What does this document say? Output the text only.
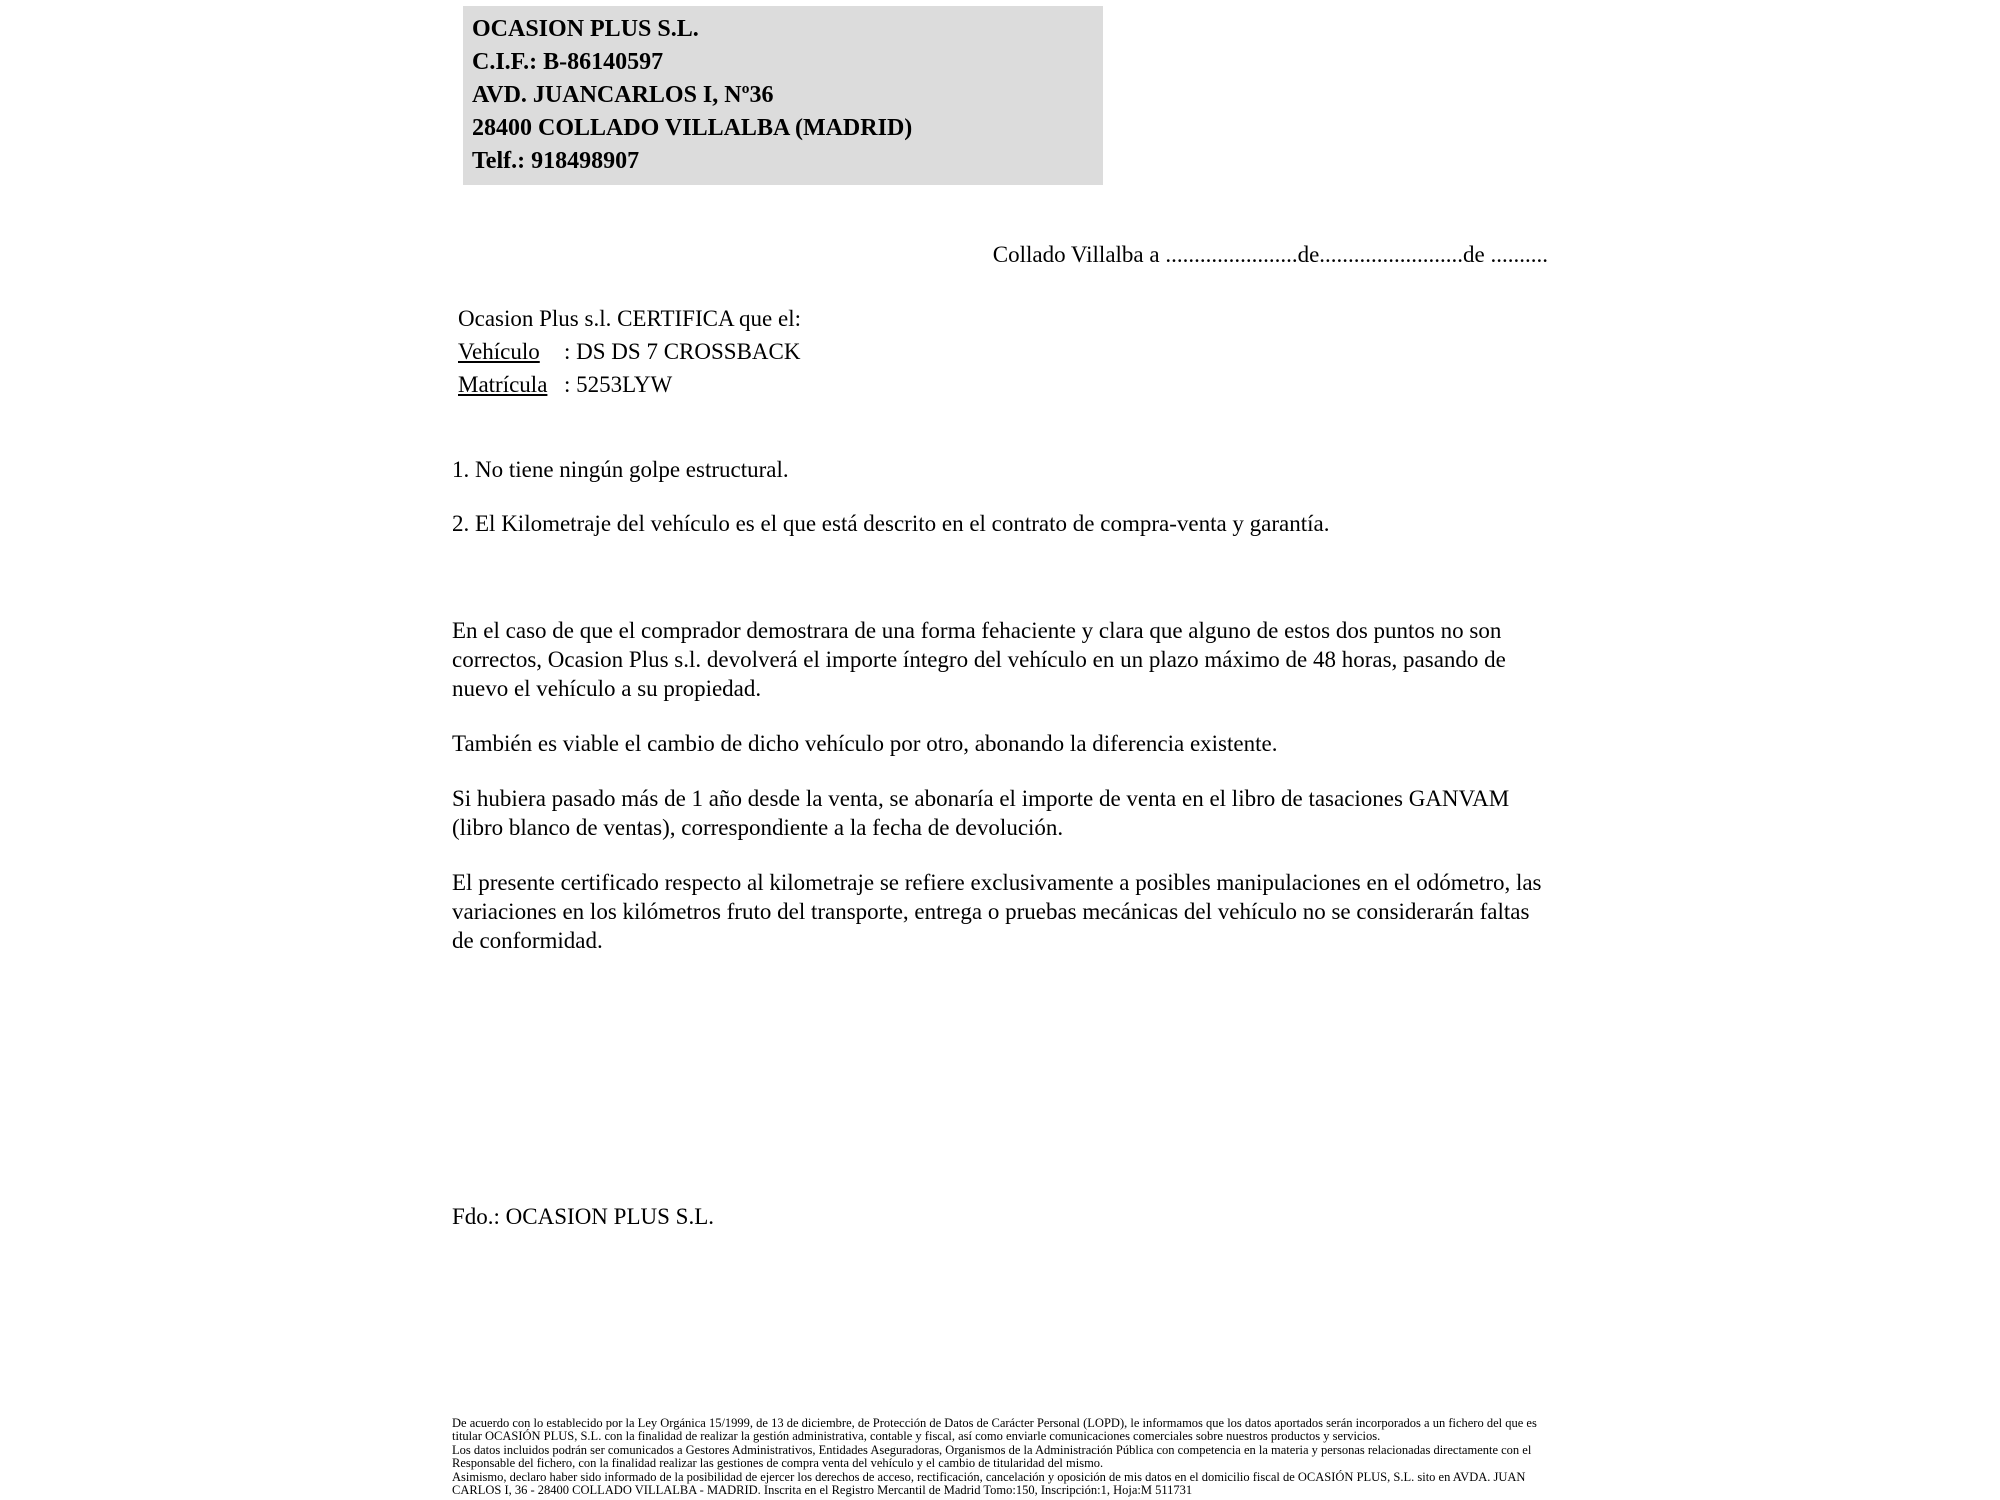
OCASION PLUS S.L.
C.I.F.: B-86140597
AVD. JUANCARLOS I, Nº36
28400 COLLADO VILLALBA (MADRID)
Telf.: 918498907
Collado Villalba a .......................de.........................de ..........
Ocasion Plus s.l. CERTIFICA que el:
Vehículo : DS DS 7 CROSSBACK
Matrícula : 5253LYW
1. No tiene ningún golpe estructural.
2. El Kilometraje del vehículo es el que está descrito en el contrato de compra-venta y garantía.
En el caso de que el comprador demostrara de una forma fehaciente y clara que alguno de estos dos puntos no son correctos, Ocasion Plus s.l. devolverá el importe íntegro del vehículo en un plazo máximo de 48 horas, pasando de nuevo el vehículo a su propiedad.
También es viable el cambio de dicho vehículo por otro, abonando la diferencia existente.
Si hubiera pasado más de 1 año desde la venta, se abonaría el importe de venta en el libro de tasaciones GANVAM (libro blanco de ventas), correspondiente a la fecha de devolución.
El presente certificado respecto al kilometraje se refiere exclusivamente a posibles manipulaciones en el odómetro, las variaciones en los kilómetros fruto del transporte, entrega o pruebas mecánicas del vehículo no se considerarán faltas de conformidad.
Fdo.: OCASION PLUS S.L.
De acuerdo con lo establecido por la Ley Orgánica 15/1999, de 13 de diciembre, de Protección de Datos de Carácter Personal (LOPD), le informamos que los datos aportados serán incorporados a un fichero del que es titular OCASIÓN PLUS, S.L. con la finalidad de realizar la gestión administrativa, contable y fiscal, así como enviarle comunicaciones comerciales sobre nuestros productos y servicios.
Los datos incluidos podrán ser comunicados a Gestores Administrativos, Entidades Aseguradoras, Organismos de la Administración Pública con competencia en la materia y personas relacionadas directamente con el Responsable del fichero, con la finalidad realizar las gestiones de compra venta del vehículo y el cambio de titularidad del mismo.
Asimismo, declaro haber sido informado de la posibilidad de ejercer los derechos de acceso, rectificación, cancelación y oposición de mis datos en el domicilio fiscal de OCASIÓN PLUS, S.L. sito en AVDA. JUAN CARLOS I, 36 - 28400 COLLADO VILLALBA - MADRID. Inscrita en el Registro Mercantil de Madrid Tomo:150, Inscripción:1, Hoja:M 511731
